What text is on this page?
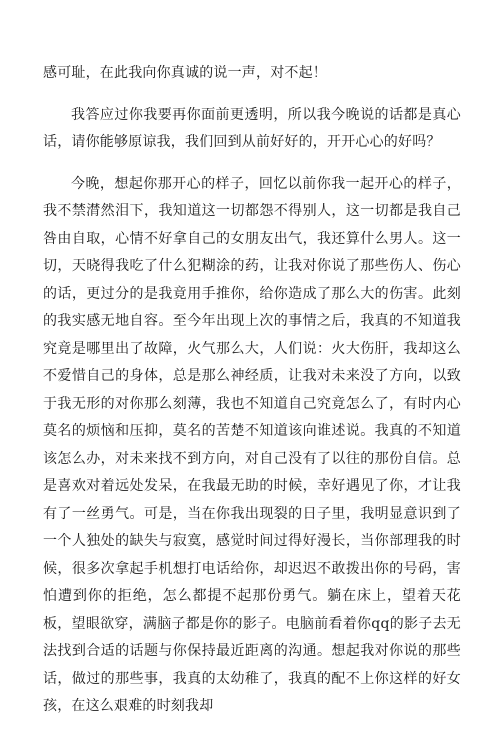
感可耻，在此我向你真诚的说一声，对不起！

我答应过你我要再你面前更透明，所以我今晚说的话都是真心话，请你能够原谅我，我们回到从前好好的，开开心心的好吗？

今晚，想起你那开心的样子，回忆以前你我一起开心的样子，我不禁潸然泪下，我知道这一切都怨不得别人，这一切都是我自己咎由自取，心情不好拿自己的女朋友出气，我还算什么男人。这一切，天晓得我吃了什么犯糊涂的药，让我对你说了那些伤人、伤心的话，更过分的是我竟用手推你，给你造成了那么大的伤害。此刻的我实感无地自容。至今年出现上次的事情之后，我真的不知道我究竟是哪里出了故障，火气那么大，人们说：火大伤肝，我却这么不爱惜自己的身体，总是那么神经质，让我对未来没了方向，以致于我无形的对你那么刻薄，我也不知道自己究竟怎么了，有时内心莫名的烦恼和压抑，莫名的苦楚不知道该向谁述说。我真的不知道该怎么办，对未来找不到方向，对自己没有了以往的那份自信。总是喜欢对着远处发呆，在我最无助的时候，幸好遇见了你，才让我有了一丝勇气。可是，当在你我出现裂的日子里，我明显意识到了一个人独处的缺失与寂寞，感觉时间过得好漫长，当你部理我的时候，很多次拿起手机想打电话给你，却迟迟不敢拨出你的号码，害怕遭到你的拒绝，怎么都提不起那份勇气。躺在床上，望着天花板，望眼欲穿，满脑子都是你的影子。电脑前看着你qq的影子去无法找到合适的话题与你保持最近距离的沟通。想起我对你说的那些话，做过的那些事，我真的太幼稚了，我真的配不上你这样的好女孩，在这么艰难的时刻我却
